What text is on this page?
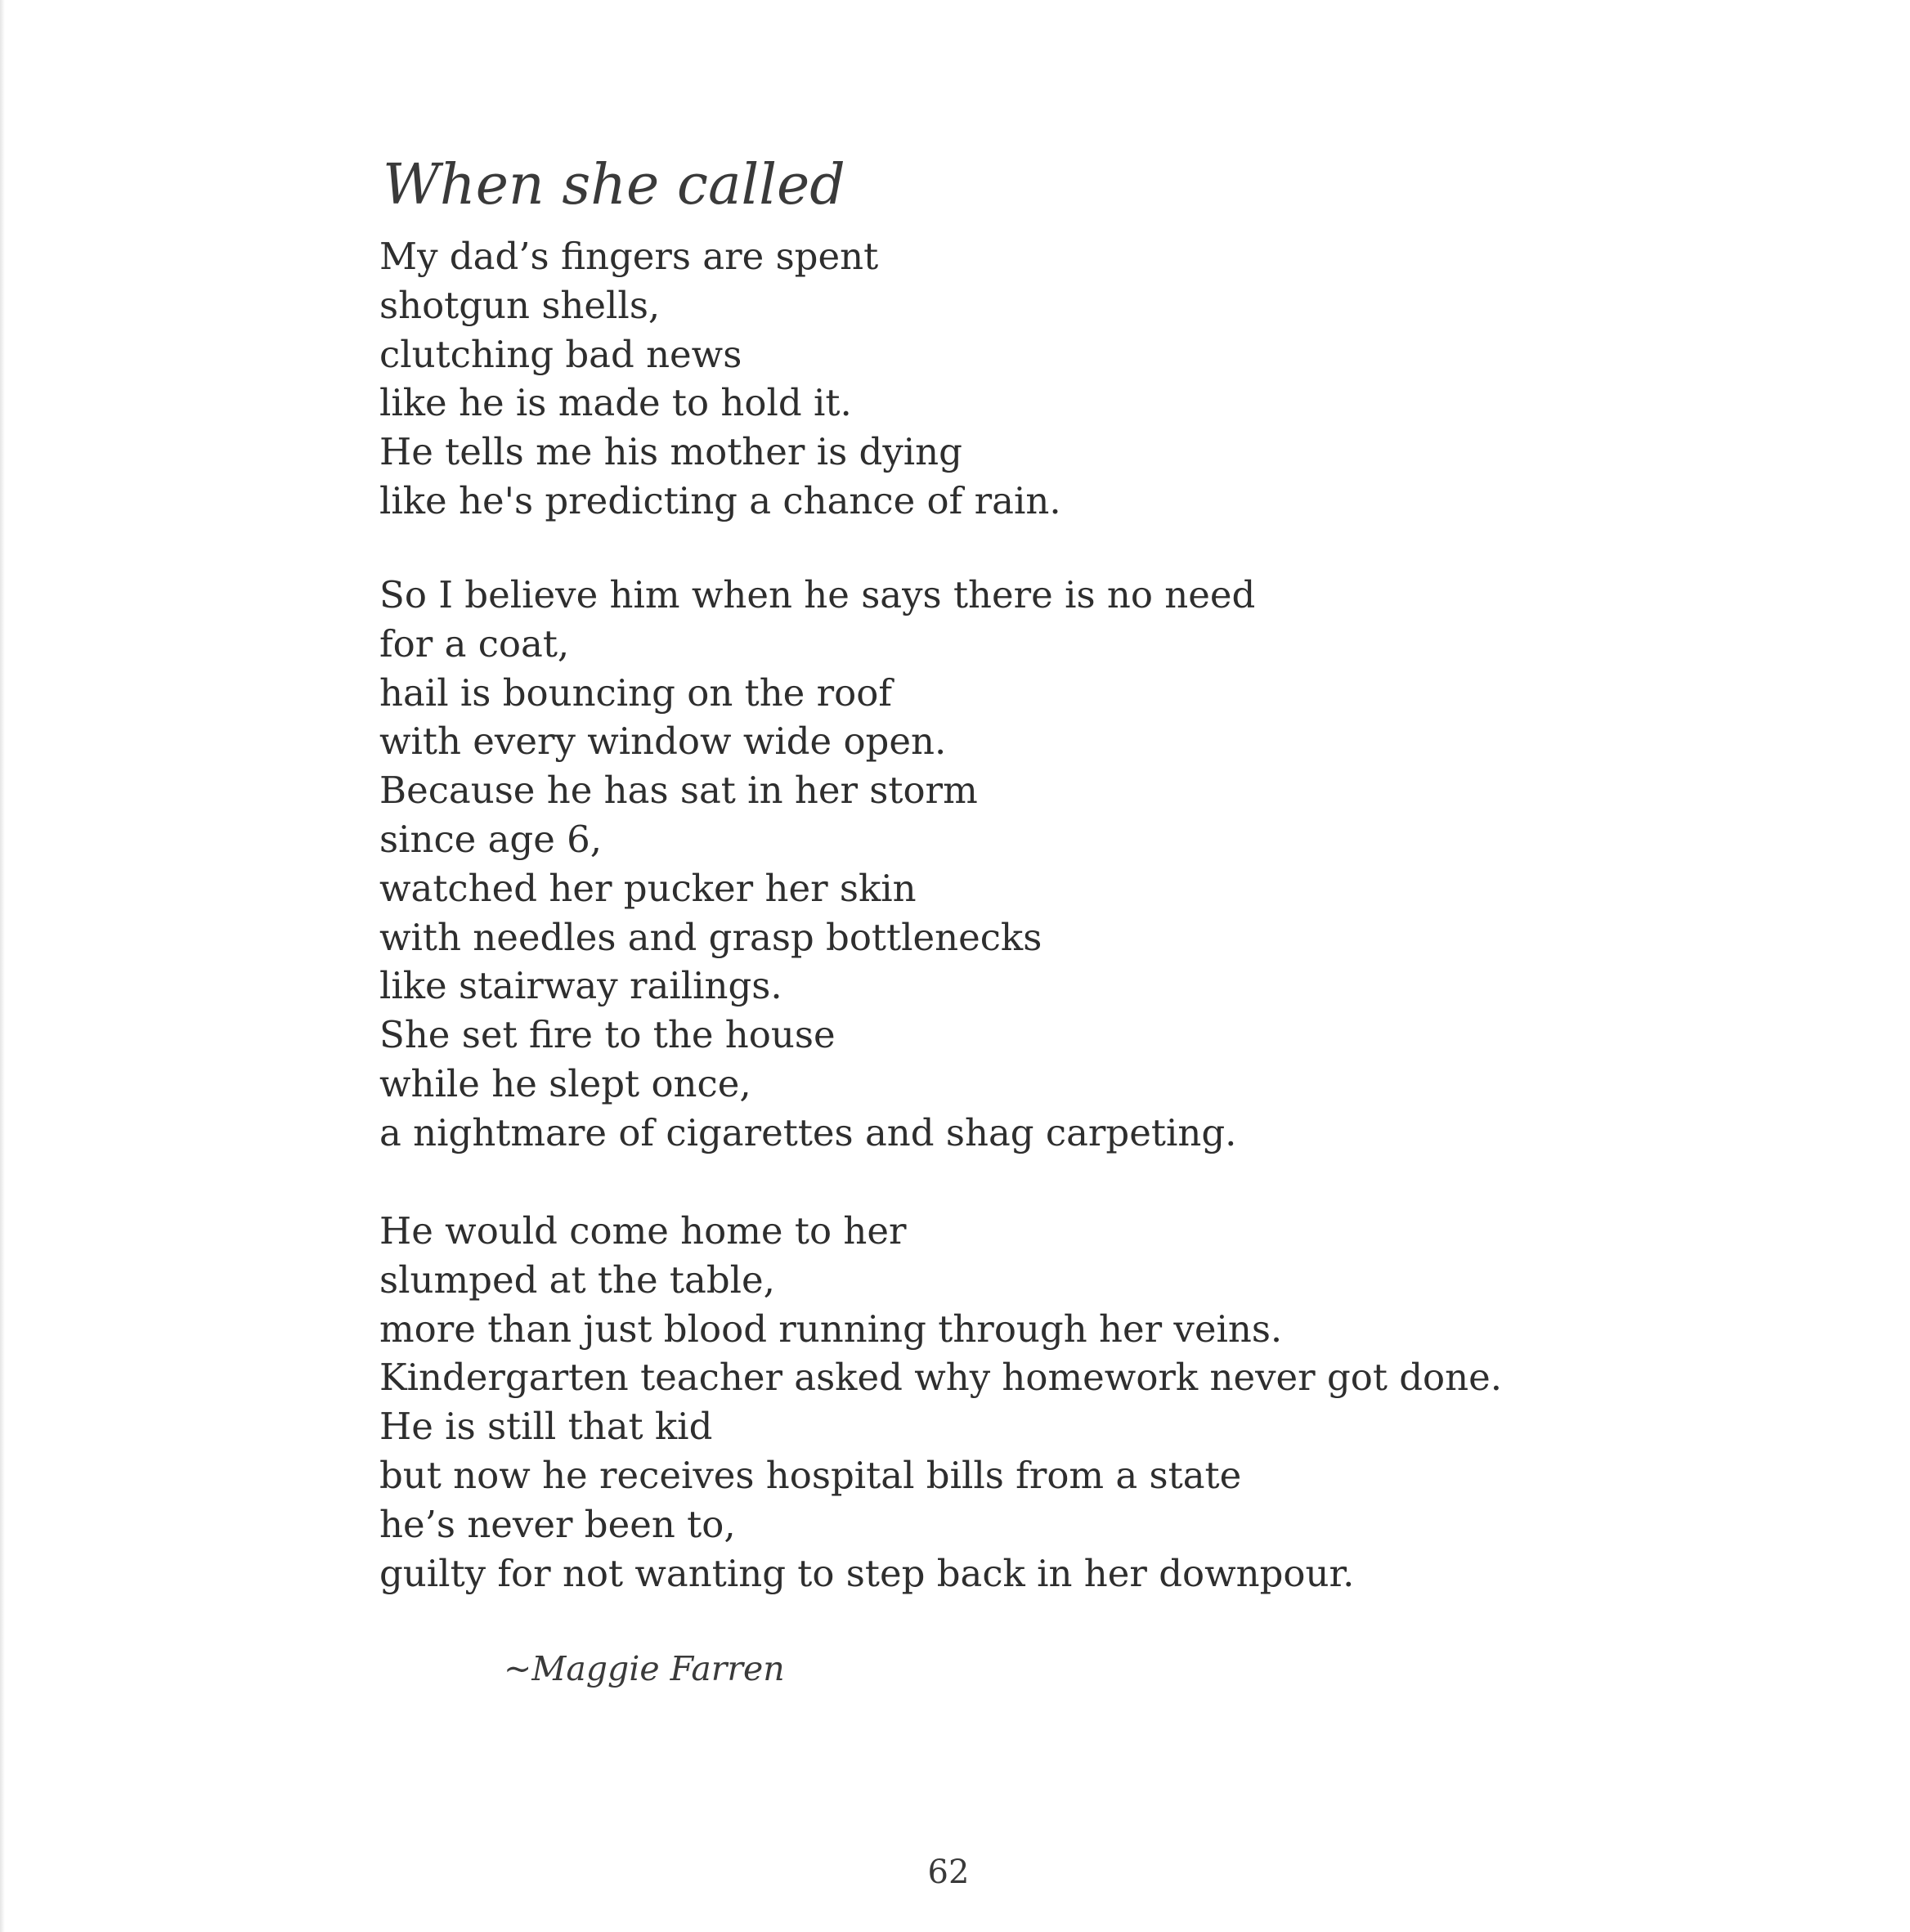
When she called
My dad’s fingers are spent
shotgun shells,
clutching bad news
like he is made to hold it.
He tells me his mother is dying
like he's predicting a chance of rain.
So I believe him when he says there is no need
for a coat,
hail is bouncing on the roof
with every window wide open.
Because he has sat in her storm
since age 6,
watched her pucker her skin
with needles and grasp bottlenecks
like stairway railings.
She set fire to the house
while he slept once,
a nightmare of cigarettes and shag carpeting.
He would come home to her
slumped at the table,
more than just blood running through her veins.
Kindergarten teacher asked why homework never got done.
He is still that kid
but now he receives hospital bills from a state
he’s never been to,
guilty for not wanting to step back in her downpour.
~Maggie Farren
62
